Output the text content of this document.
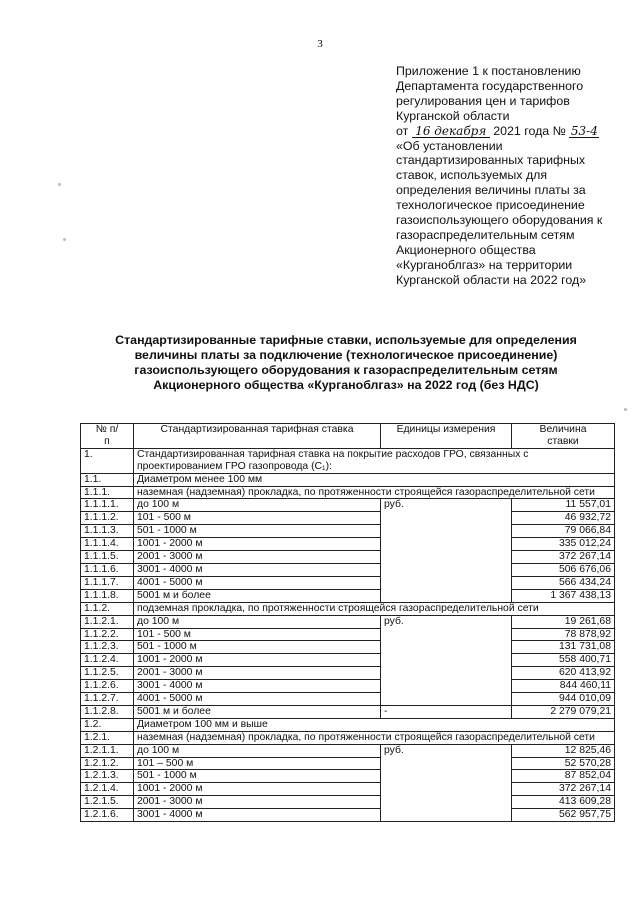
3
Приложение 1 к постановлению
Департамента государственного
регулирования цен и тарифов
Курганской области
от 16 декабря 2021 года № 53-4
«Об установлении
стандартизированных тарифных
ставок, используемых для
определения величины платы за
технологическое присоединение
газоиспользующего оборудования к
газораспределительным сетям
Акционерного общества
«Курганоблгаз» на территории
Курганской области на 2022 год»
Стандартизированные тарифные ставки, используемые для определения
величины платы за подключение (технологическое присоединение)
газоиспользующего оборудования к газораспределительным сетям
Акционерного общества «Курганоблгаз» на 2022 год (без НДС)
№ п/п	Стандартизированная тарифная ставка	Единицы измерения	Величина ставки
1.	Стандартизированная тарифная ставка на покрытие расходов ГРО, связанных с проектированием ГРО газопровода (С₁):		
1.1.	Диаметром менее 100 мм		
1.1.1.	наземная (надземная) прокладка, по протяженности строящейся газораспределительной сети		
1.1.1.1.	до 100 м	руб.	11 557,01
1.1.1.2.	101 - 500 м		46 932,72
1.1.1.3.	501 - 1000 м		79 066,84
1.1.1.4.	1001 - 2000 м		335 012,24
1.1.1.5.	2001 - 3000 м		372 267,14
1.1.1.6.	3001 - 4000 м		506 676,06
1.1.1.7.	4001 - 5000 м		566 434,24
1.1.1.8.	5001 м и более		1 367 438,13
1.1.2.	подземная прокладка, по протяженности строящейся газораспределительной сети		
1.1.2.1.	до 100 м	руб.	19 261,68
1.1.2.2.	101 - 500 м		78 878,92
1.1.2.3.	501 - 1000 м		131 731,08
1.1.2.4.	1001 - 2000 м		558 400,71
1.1.2.5.	2001 - 3000 м		620 413,92
1.1.2.6.	3001 - 4000 м		844 460,11
1.1.2.7.	4001 - 5000 м		944 010,09
1.1.2.8.	5001 м и более	-	2 279 079,21
1.2.	Диаметром 100 мм и выше		
1.2.1.	наземная (надземная) прокладка, по протяженности строящейся газораспределительной сети		
1.2.1.1.	до 100 м	руб.	12 825,46
1.2.1.2.	101 – 500 м		52 570,28
1.2.1.3.	501 - 1000 м		87 852,04
1.2.1.4.	1001 - 2000 м		372 267,14
1.2.1.5.	2001 - 3000 м		413 609,28
1.2.1.6.	3001 - 4000 м		562 957,75
